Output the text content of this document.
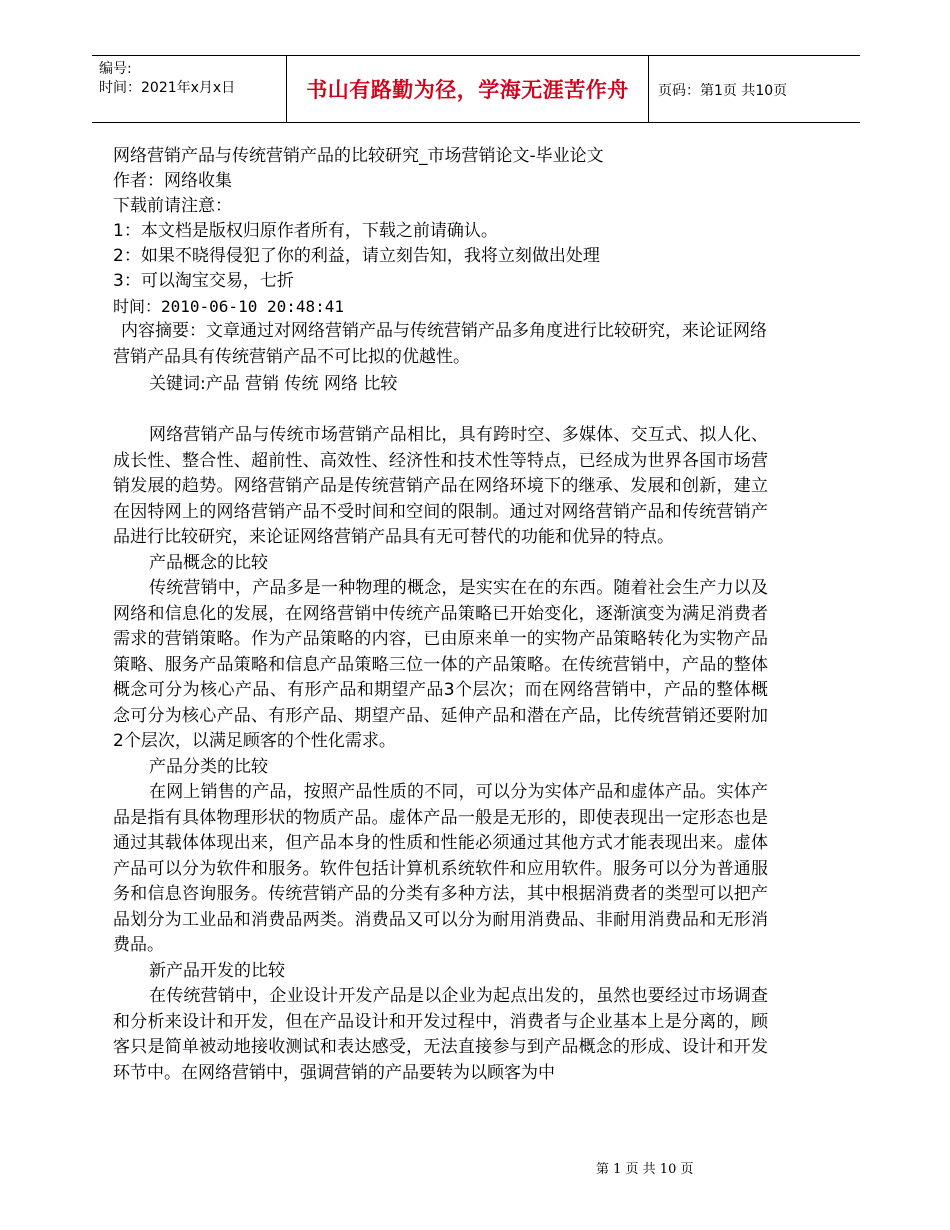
编号:
时间：2021年x月x日	书山有路勤为径，学海无涯苦作舟	页码：第1页 共10页

网络营销产品与传统营销产品的比较研究_市场营销论文-毕业论文

作者：网络收集

下载前请注意：

1：本文档是版权归原作者所有，下载之前请确认。

2：如果不晓得侵犯了你的利益，请立刻告知，我将立刻做出处理

3：可以淘宝交易，七折

时间：2010-06-10 20:48:41

内容摘要：文章通过对网络营销产品与传统营销产品多角度进行比较研究，来论证网络营销产品具有传统营销产品不可比拟的优越性。

关键词:产品 营销 传统 网络 比较

网络营销产品与传统市场营销产品相比，具有跨时空、多媒体、交互式、拟人化、成长性、整合性、超前性、高效性、经济性和技术性等特点，已经成为世界各国市场营销发展的趋势。网络营销产品是传统营销产品在网络环境下的继承、发展和创新，建立在因特网上的网络营销产品不受时间和空间的限制。通过对网络营销产品和传统营销产品进行比较研究，来论证网络营销产品具有无可替代的功能和优异的特点。

产品概念的比较

传统营销中，产品多是一种物理的概念，是实实在在的东西。随着社会生产力以及网络和信息化的发展，在网络营销中传统产品策略已开始变化，逐渐演变为满足消费者需求的营销策略。作为产品策略的内容，已由原来单一的实物产品策略转化为实物产品策略、服务产品策略和信息产品策略三位一体的产品策略。在传统营销中，产品的整体概念可分为核心产品、有形产品和期望产品3个层次；而在网络营销中，产品的整体概念可分为核心产品、有形产品、期望产品、延伸产品和潜在产品，比传统营销还要附加2个层次，以满足顾客的个性化需求。

产品分类的比较

在网上销售的产品，按照产品性质的不同，可以分为实体产品和虚体产品。实体产品是指有具体物理形状的物质产品。虚体产品一般是无形的，即使表现出一定形态也是通过其载体体现出来，但产品本身的性质和性能必须通过其他方式才能表现出来。虚体产品可以分为软件和服务。软件包括计算机系统软件和应用软件。服务可以分为普通服务和信息咨询服务。传统营销产品的分类有多种方法，其中根据消费者的类型可以把产品划分为工业品和消费品两类。消费品又可以分为耐用消费品、非耐用消费品和无形消费品。

新产品开发的比较

在传统营销中，企业设计开发产品是以企业为起点出发的，虽然也要经过市场调查和分析来设计和开发，但在产品设计和开发过程中，消费者与企业基本上是分离的，顾客只是简单被动地接收测试和表达感受，无法直接参与到产品概念的形成、设计和开发环节中。在网络营销中，强调营销的产品要转为以顾客为中

第 1 页 共 10 页
